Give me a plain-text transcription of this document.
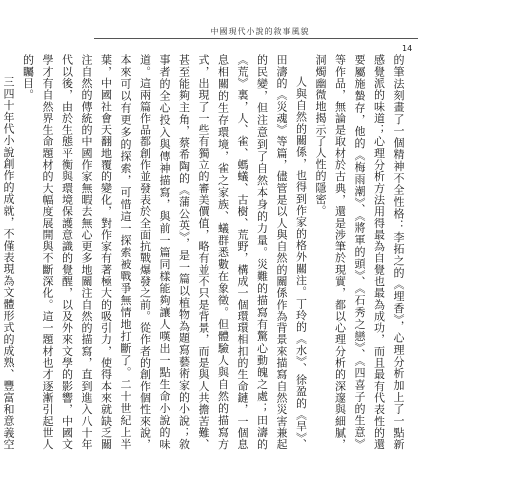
中國現代小說的敘事風貌
14

的筆法刻畫了一個精神不全性格：李拓之的《埋香》，心理分析加上了一點新感覺派的味道；心理分析方法用得最為自覺也最為成功，而且最有代表性的還要屬施蟄存，他的《梅雨潮》、《將軍的頭》、《石秀之戀》、《四喜子的生意》等作品，無論是取材於古典，還是涉筆於現實，都以心理分析的深邃與細膩，洞燭幽微地揭示了人性的隱密。

人與自然的關係，也得到作家的格外關注。丁玲的《水》、徐盈的《旱》、田濤的《災魂》等篇，儘管是以人與自然的關係作為背景來描寫自然災害兼起的民變，但注意到了自然本身的力量。災難的描寫有驚心動魄之處；田濤的《荒》裏，人、雀、螞蟻、古樹、荒野，構成一個環環相扣的生命鏈，一個息息相關的生存環境，雀之家族、蟻群悉數在象徵。但體驗人與自然的描寫方式，出現了一些有獨立的審美價值，略有並不只是背景，而是與人共擔苦難、甚至能夠主角，蔡希陶的《蒲公英》，是一篇以植物為題寫藝術家的小說；敘事者的全心投入與傳神描寫，與前一篇同樣能夠讓人嘆出一點生命小說的味道。這兩篇作品都創作並發表於全面抗戰爆發之前。從作者的創作個性來說，本來可以有更多的探索，可惜這一探索被戰爭無情地打斷了。二十世紀上半葉，中國社會天翻地覆的變化，對作家有著極大的吸引力，使得本來就缺乏關注自然的傳統的中國作家無暇去無心更多地關注自然的描寫，直到進入八十年代以後，由於生態平衡與環境保護意識的覺醒，以及外來文學的影響，中國文學才有自然界生命題材的大幅度展開與不斷深化。這一題材也才逐漸引起世人的矚目。

三四十年代小說創作的成就，不僅表現為文體形式的成熟、豐富和意義空
